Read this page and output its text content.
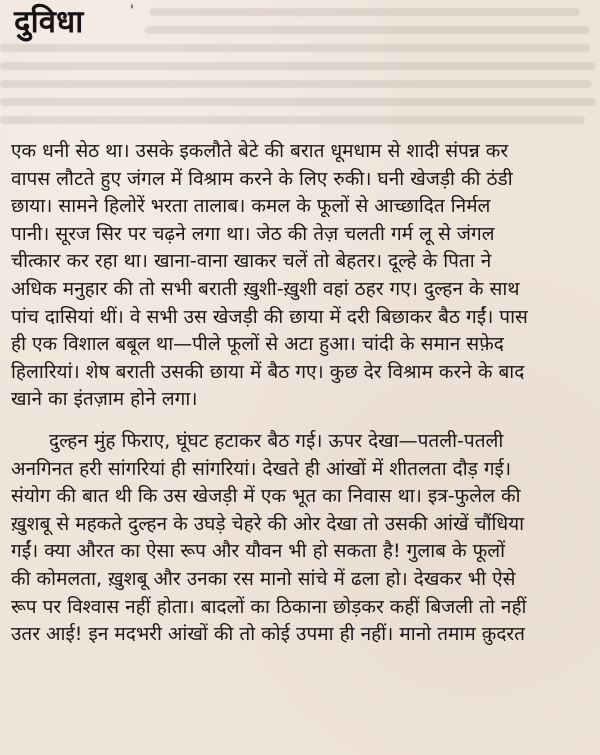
दुविधा	'

एक धनी सेठ था। उसके इकलौते बेटे की बरात धूमधाम से शादी संपन्न कर
वापस लौटते हुए जंगल में विश्राम करने के लिए रुकी। घनी खेजड़ी की ठंडी
छाया। सामने हिलोरें भरता तालाब। कमल के फूलों से आच्छादित निर्मल
पानी। सूरज सिर पर चढ़ने लगा था। जेठ की तेज़ चलती गर्म लू से जंगल
चीत्कार कर रहा था। खाना-वाना खाकर चलें तो बेहतर। दूल्हे के पिता ने
अधिक मनुहार की तो सभी बराती ख़ुशी-ख़ुशी वहां ठहर गए। दुल्हन के साथ
पांच दासियां थीं। वे सभी उस खेजड़ी की छाया में दरी बिछाकर बैठ गईं। पास
ही एक विशाल बबूल था—पीले फूलों से अटा हुआ। चांदी के समान सफ़ेद
हिलारियां। शेष बराती उसकी छाया में बैठ गए। कुछ देर विश्राम करने के बाद
खाने का इंतज़ाम होने लगा।

दुल्हन मुंह फिराए, घूंघट हटाकर बैठ गई। ऊपर देखा—पतली-पतली
अनगिनत हरी सांगरियां ही सांगरियां। देखते ही आंखों में शीतलता दौड़ गई।
संयोग की बात थी कि उस खेजड़ी में एक भूत का निवास था। इत्र-फुलेल की
ख़ुशबू से महकते दुल्हन के उघड़े चेहरे की ओर देखा तो उसकी आंखें चौंधिया
गईं। क्या औरत का ऐसा रूप और यौवन भी हो सकता है! गुलाब के फूलों
की कोमलता, ख़ुशबू और उनका रस मानो सांचे में ढला हो। देखकर भी ऐसे
रूप पर विश्वास नहीं होता। बादलों का ठिकाना छोड़कर कहीं बिजली तो नहीं
उतर आई! इन मदभरी आंखों की तो कोई उपमा ही नहीं। मानो तमाम क़ुदरत
